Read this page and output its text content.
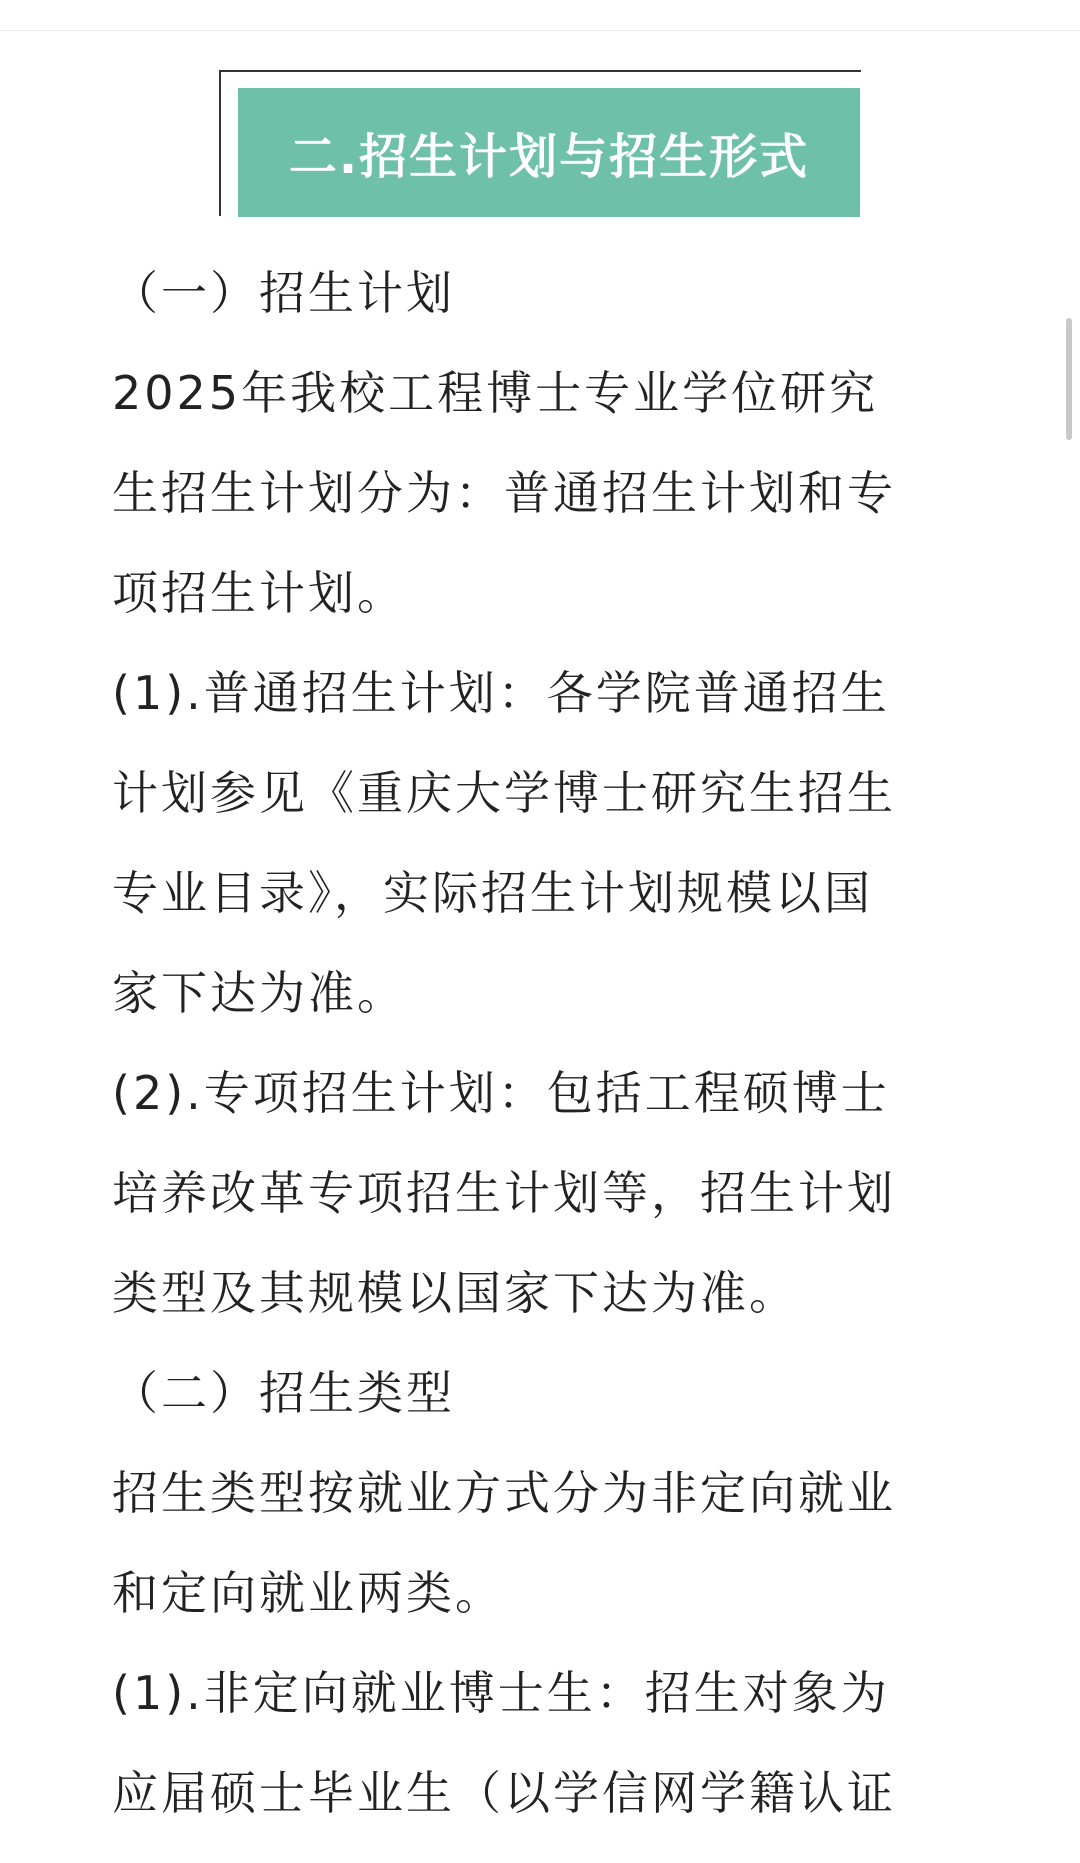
二.招生计划与招生形式
（一）招生计划
2025年我校工程博士专业学位研究
生招生计划分为：普通招生计划和专
项招生计划。
(1).普通招生计划：各学院普通招生
计划参见《重庆大学博士研究生招生
专业目录》，实际招生计划规模以国
家下达为准。
(2).专项招生计划：包括工程硕博士
培养改革专项招生计划等，招生计划
类型及其规模以国家下达为准。
（二）招生类型
招生类型按就业方式分为非定向就业
和定向就业两类。
(1).非定向就业博士生：招生对象为
应届硕士毕业生（以学信网学籍认证
